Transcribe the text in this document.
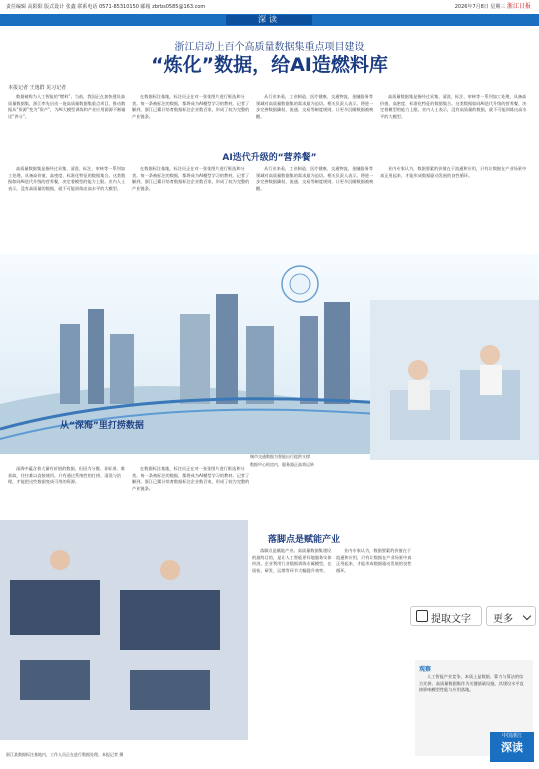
责任编辑 高阳阳 版式设计 张鑫 联系电话 0571-85310150 邮箱 zbrbs0585@163.com	2026年7月8日 星期三 浙江日报
深读
浙江启动上百个高质量数据集重点项目建设
“炼化”数据，给AI造燃料库
本报记者 王逸群 见习记者
数据被称为人工智能的“燃料”。当前，我国正在加快建设高质量数据集，浙江率先启动一批高质量数据集重点项目，推动数据从“资源”变为“资产”，为AI大模型训练和产业应用源源不断输送“养分”。
在数据标注基地，标注员正在对一张张图片进行框选和分类。每一条被标注的数据，都将成为AI模型学习的教材。记者了解到，浙江已累计培育数据标注企业数百家，形成了较为完整的产业链条。
从行业来看，工业制造、医疗健康、交通物流、金融服务等领域对高质量数据集的需求最为迫切。相关负责人表示，将进一步完善数据确权、流通、交易等制度规则，让更多沉睡数据被唤醒。
高质量数据集是指经过采集、清洗、标注、审核等一系列加工处理，具备高价值、高密度、标准化特征的数据集合。这类数据如同AI迭代升级的营养餐，决定着模型的能力上限。业内人士表示，没有高质量的数据，就不可能训练出高水平的大模型。
AI迭代升级的“营养餐”
高质量数据集是指经过采集、清洗、标注、审核等一系列加工处理，具备高价值、高密度、标准化特征的数据集合。这类数据如同AI迭代升级的营养餐，决定着模型的能力上限。业内人士表示，没有高质量的数据，就不可能训练出高水平的大模型。
在数据标注基地，标注员正在对一张张图片进行框选和分类。每一条被标注的数据，都将成为AI模型学习的教材。记者了解到，浙江已累计培育数据标注企业数百家，形成了较为完整的产业链条。
从行业来看，工业制造、医疗健康、交通物流、金融服务等领域对高质量数据集的需求最为迫切。相关负责人表示，将进一步完善数据确权、流通、交易等制度规则，让更多沉睡数据被唤醒。
业内专家认为，数据要素的价值在于流通和应用，只有让数据在产业场景中真正用起来，才能形成数据驱动发展的良性循环。
从“深海”里打捞数据
浙江某数据标注基地内，工作人员正在进行数据处理。本报记者 摄
城市交通数据为智能出行提供支撑
数据中心机房内，服务器正高效运转
深海中蕴含着大量有价值的数据，但因为分散、非标准、难获取，往往难以直接使用。只有通过系统性的打捞、清洗与治理，才能把这些数据变成可用的资源。
在数据标注基地，标注员正在对一张张图片进行框选和分类。每一条被标注的数据，都将成为AI模型学习的教材。记者了解到，浙江已累计培育数据标注企业数百家，形成了较为完整的产业链条。
落脚点是赋能产业
落脚点是赋能产业。高质量数据集建设的最终目的，是让人工智能更好地服务实体经济。企业利用行业数据训练专属模型，在质检、研发、运维等环节大幅提升效率。
业内专家认为，数据要素的价值在于流通和应用，只有让数据在产业场景中真正用起来，才能形成数据驱动发展的良性循环。
观察
人工智能产业竞争，本质上是数据、算力与算法的综合比拼。高质量数据集作为关键基础设施，其建设水平直接影响模型性能与应用落地。
中国浙江
深读
提取文字 更多
